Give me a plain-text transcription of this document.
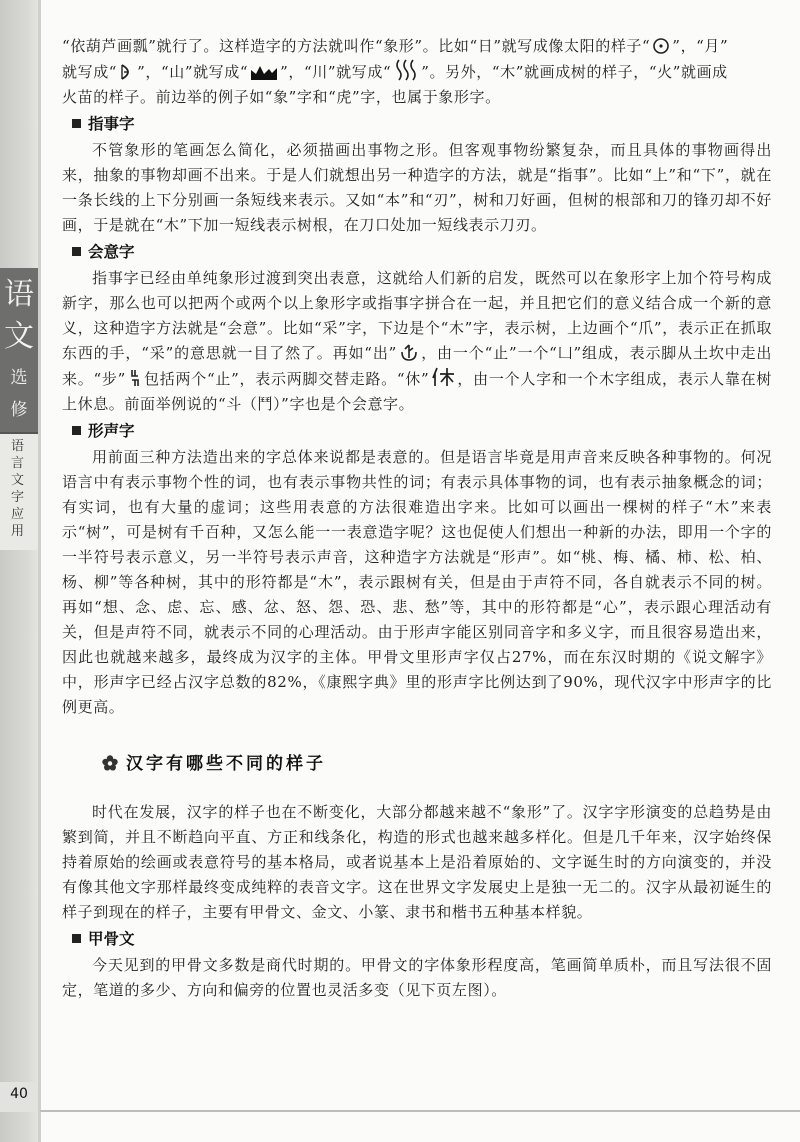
语
文
选
修
语言文字应用
40

“依葫芦画瓢”就行了。这样造字的方法就叫作“象形”。比如“日”就写成像太阳的样子“ ”，“月”
就写成“ ”，“山”就写成“ ”，“川”就写成“ ”。另外，“木”就画成树的样子，“火”就画成
火苗的样子。前边举的例子如“象”字和“虎”字，也属于象形字。

指事字

不管象形的笔画怎么简化，必须描画出事物之形。但客观事物纷繁复杂，而且具体的事物画得出来，抽象的事物却画不出来。于是人们就想出另一种造字的方法，就是“指事”。比如“上”和“下”，就在一条长线的上下分别画一条短线来表示。又如“本”和“刃”，树和刀好画，但树的根部和刀的锋刃却不好画，于是就在“木”下加一短线表示树根，在刀口处加一短线表示刀刃。

会意字

指事字已经由单纯象形过渡到突出表意，这就给人们新的启发，既然可以在象形字上加个符号构成新字，那么也可以把两个或两个以上象形字或指事字拼合在一起，并且把它们的意义结合成一个新的意义，这种造字方法就是“会意”。比如“采”字，下边是个“木”字，表示树，上边画个“爪”，表示正在抓取东西的手，“采”的意思就一目了然了。再如“出” ，由一个“止”一个“凵”组成，表示脚从土坎中走出来。“步” 包括两个“止”，表示两脚交替走路。“休” ，由一个人字和一个木字组成，表示人靠在树上休息。前面举例说的“斗（鬥）”字也是个会意字。

形声字

用前面三种方法造出来的字总体来说都是表意的。但是语言毕竟是用声音来反映各种事物的。何况语言中有表示事物个性的词，也有表示事物共性的词；有表示具体事物的词，也有表示抽象概念的词；有实词，也有大量的虚词；这些用表意的方法很难造出字来。比如可以画出一棵树的样子“木”来表示“树”，可是树有千百种，又怎么能一一表意造字呢？这也促使人们想出一种新的办法，即用一个字的一半符号表示意义，另一半符号表示声音，这种造字方法就是“形声”。如“桃、梅、橘、柿、松、柏、杨、柳”等各种树，其中的形符都是“木”，表示跟树有关，但是由于声符不同，各自就表示不同的树。再如“想、念、虑、忘、感、忿、怒、怨、恐、悲、愁”等，其中的形符都是“心”，表示跟心理活动有关，但是声符不同，就表示不同的心理活动。由于形声字能区别同音字和多义字，而且很容易造出来，因此也就越来越多，最终成为汉字的主体。甲骨文里形声字仅占27%，而在东汉时期的《说文解字》中，形声字已经占汉字总数的82%，《康熙字典》里的形声字比例达到了90%，现代汉字中形声字的比例更高。

汉字有哪些不同的样子

时代在发展，汉字的样子也在不断变化，大部分都越来越不“象形”了。汉字字形演变的总趋势是由繁到简，并且不断趋向平直、方正和线条化，构造的形式也越来越多样化。但是几千年来，汉字始终保持着原始的绘画或表意符号的基本格局，或者说基本上是沿着原始的、文字诞生时的方向演变的，并没有像其他文字那样最终变成纯粹的表音文字。这在世界文字发展史上是独一无二的。汉字从最初诞生的样子到现在的样子，主要有甲骨文、金文、小篆、隶书和楷书五种基本样貌。

甲骨文

今天见到的甲骨文多数是商代时期的。甲骨文的字体象形程度高，笔画简单质朴，而且写法很不固定，笔道的多少、方向和偏旁的位置也灵活多变（见下页左图）。
